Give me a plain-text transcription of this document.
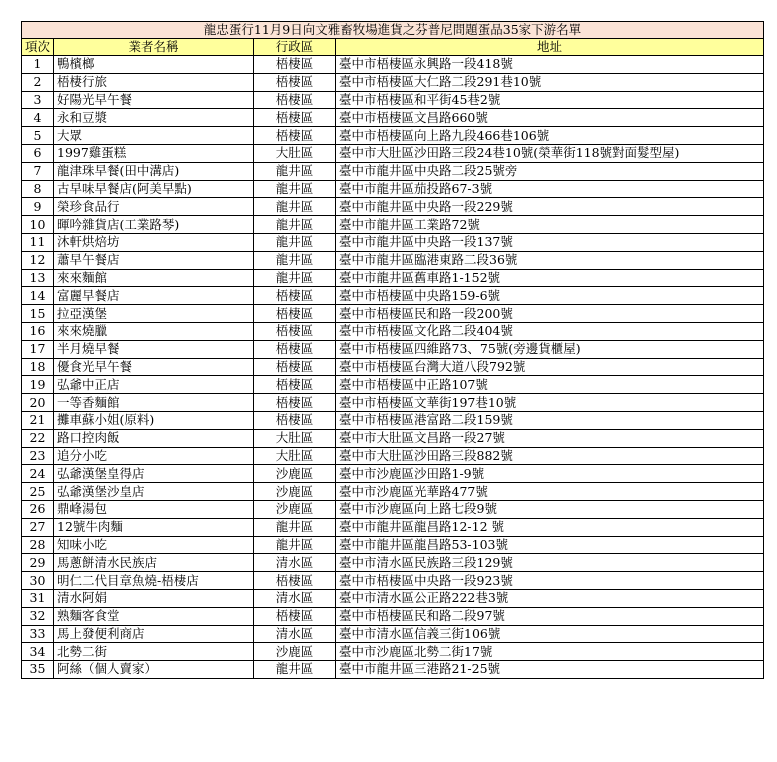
龍忠蛋行11月9日向文雅畜牧場進貨之芬普尼問題蛋品35家下游名單			
項次	業者名稱	行政區	地址
1	鴨檳榔	梧棲區	臺中市梧棲區永興路一段418號
2	梧棲行旅	梧棲區	臺中市梧棲區大仁路二段291巷10號
3	好陽光早午餐	梧棲區	臺中市梧棲區和平街45巷2號
4	永和豆漿	梧棲區	臺中市梧棲區文昌路660號
5	大眾	梧棲區	臺中市梧棲區向上路九段466巷106號
6	1997雞蛋糕	大肚區	臺中市大肚區沙田路三段24巷10號(榮華街118號對面髮型屋)
7	龍津珠早餐(田中溝店)	龍井區	臺中市龍井區中央路二段25號旁
8	古早味早餐店(阿美早點)	龍井區	臺中市龍井區茄投路67-3號
9	榮珍食品行	龍井區	臺中市龍井區中央路一段229號
10	暉吟雜貨店(工業路琴)	龍井區	臺中市龍井區工業路72號
11	沐軒烘焙坊	龍井區	臺中市龍井區中央路一段137號
12	蕭早午餐店	龍井區	臺中市龍井區臨港東路二段36號
13	來來麵館	龍井區	臺中市龍井區舊車路1-152號
14	富麗早餐店	梧棲區	臺中市梧棲區中央路159-6號
15	拉亞漢堡	梧棲區	臺中市梧棲區民和路一段200號
16	來來燒臘	梧棲區	臺中市梧棲區文化路二段404號
17	半月燒早餐	梧棲區	臺中市梧棲區四維路73、75號(旁邊貨櫃屋)
18	優食光早午餐	梧棲區	臺中市梧棲區台灣大道八段792號
19	弘爺中正店	梧棲區	臺中市梧棲區中正路107號
20	一等香麵館	梧棲區	臺中市梧棲區文華街197巷10號
21	攤車蘇小姐(原料)	梧棲區	臺中市梧棲區港富路二段159號
22	路口控肉飯	大肚區	臺中市大肚區文昌路一段27號
23	追分小吃	大肚區	臺中市大肚區沙田路三段882號
24	弘爺漢堡皇得店	沙鹿區	臺中市沙鹿區沙田路1-9號
25	弘爺漢堡沙皇店	沙鹿區	臺中市沙鹿區光華路477號
26	鼎峰湯包	沙鹿區	臺中市沙鹿區向上路七段9號
27	12號牛肉麵	龍井區	臺中市龍井區龍昌路12-12 號
28	知味小吃	龍井區	臺中市龍井區龍昌路53-103號
29	馬蔥餅清水民族店	清水區	臺中市清水區民族路三段129號
30	明仁二代目章魚燒-梧棲店	梧棲區	臺中市梧棲區中央路一段923號
31	清水阿娟	清水區	臺中市清水區公正路222巷3號
32	熟麵客食堂	梧棲區	臺中市梧棲區民和路二段97號
33	馬上發便利商店	清水區	臺中市清水區信義三街106號
34	北勢二街	沙鹿區	臺中市沙鹿區北勢二街17號
35	阿絲（個人賣家）	龍井區	臺中市龍井區三港路21-25號
